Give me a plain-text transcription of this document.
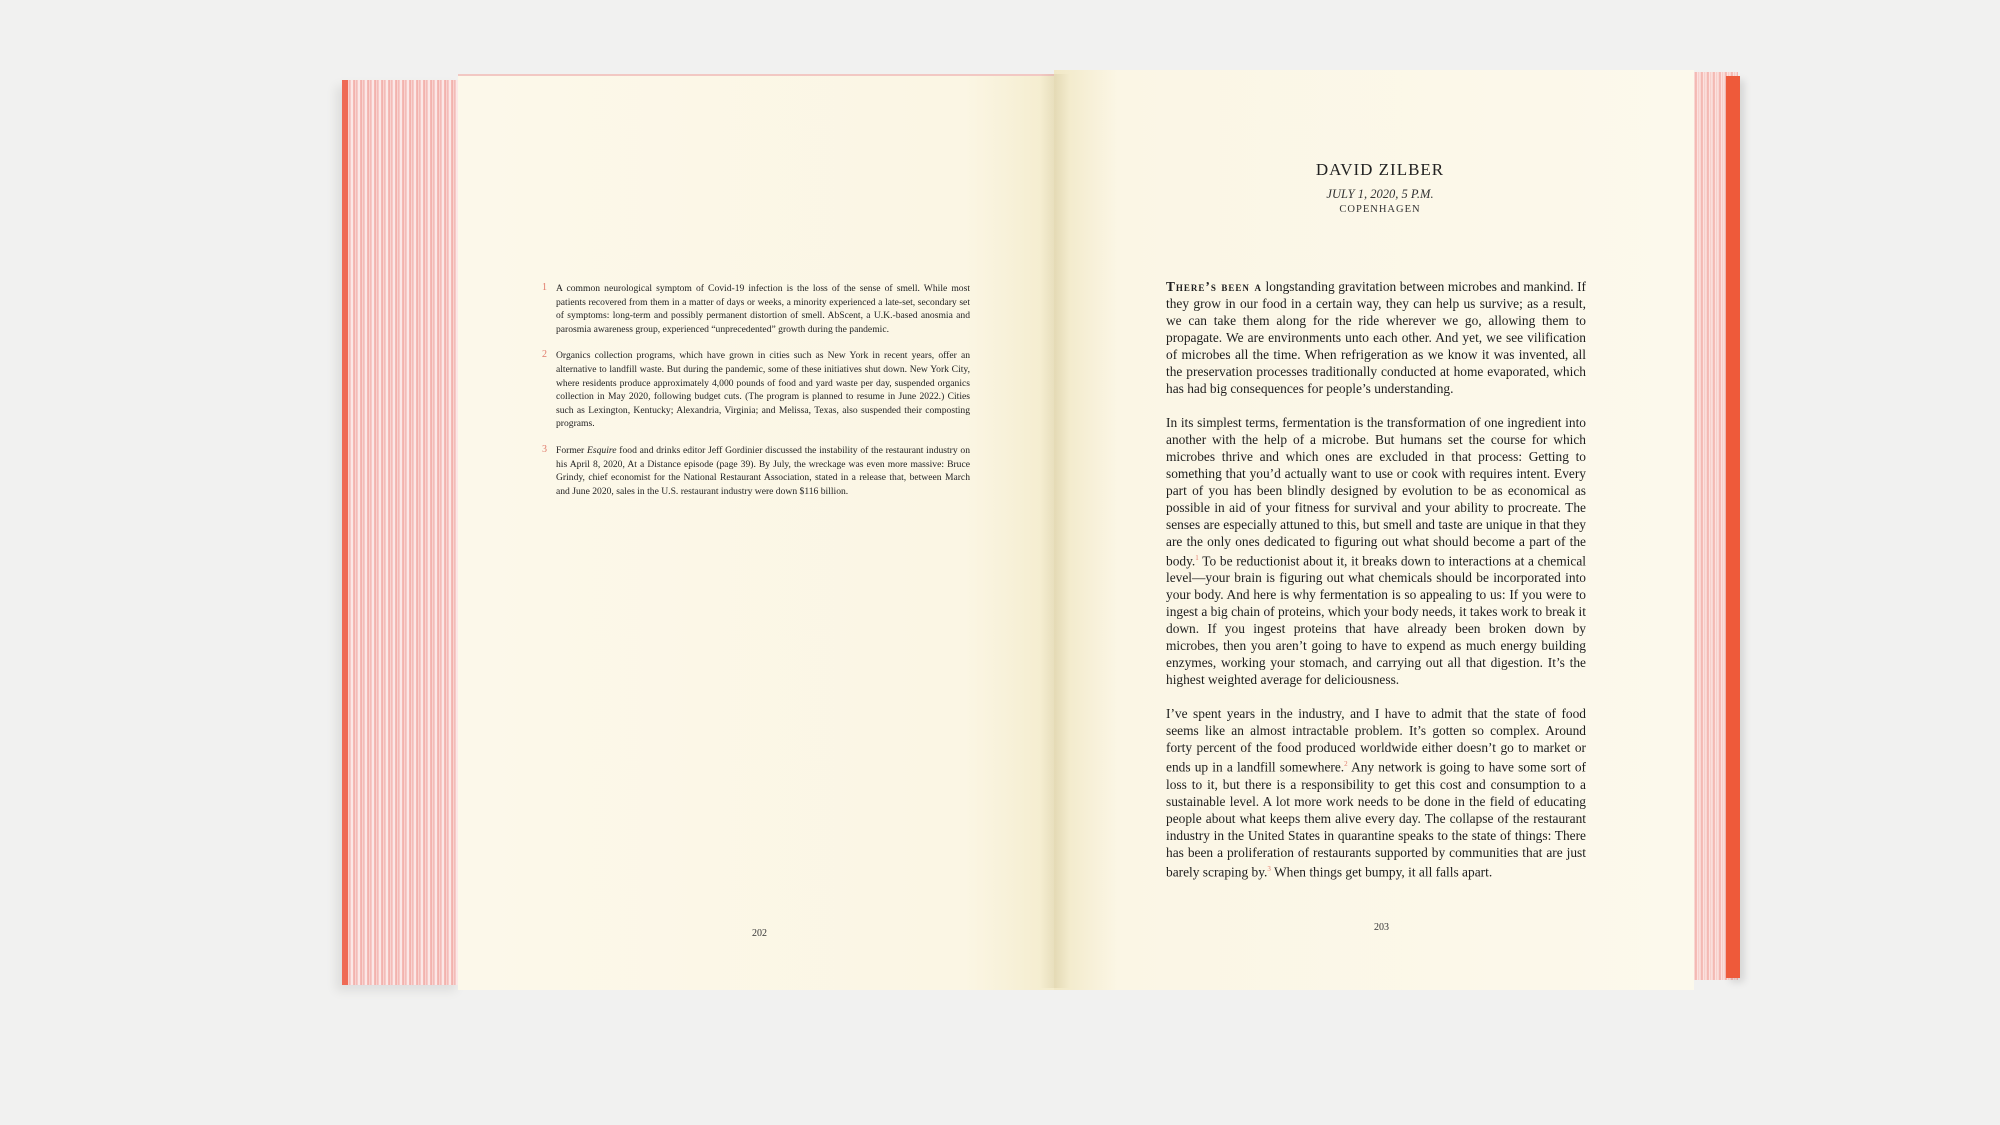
1 A common neurological symptom of Covid-19 infection is the loss of the sense of smell. While most patients recovered from them in a matter of days or weeks, a minority experienced a late-set, secondary set of symptoms: long-term and possibly permanent distortion of smell. AbScent, a U.K.-based anosmia and parosmia awareness group, experienced “unprecedented” growth during the pandemic.

2 Organics collection programs, which have grown in cities such as New York in recent years, offer an alternative to landfill waste. But during the pandemic, some of these initiatives shut down. New York City, where residents produce approximately 4,000 pounds of food and yard waste per day, suspended organics collection in May 2020, following budget cuts. (The program is planned to resume in June 2022.) Cities such as Lexington, Kentucky; Alexandria, Virginia; and Melissa, Texas, also suspended their composting programs.

3 Former Esquire food and drinks editor Jeff Gordinier discussed the instability of the restaurant industry on his April 8, 2020, At a Distance episode (page 39). By July, the wreckage was even more massive: Bruce Grindy, chief economist for the National Restaurant Association, stated in a release that, between March and June 2020, sales in the U.S. restaurant industry were down $116 billion.

202
DAVID ZILBER
JULY 1, 2020, 5 P.M.
COPENHAGEN

There’s been a longstanding gravitation between microbes and mankind. If they grow in our food in a certain way, they can help us survive; as a result, we can take them along for the ride wherever we go, allowing them to propagate. We are environments unto each other. And yet, we see vilification of microbes all the time. When refrigeration as we know it was invented, all the preservation processes traditionally conducted at home evaporated, which has had big consequences for people’s understanding.

In its simplest terms, fermentation is the transformation of one ingredient into another with the help of a microbe. But humans set the course for which microbes thrive and which ones are excluded in that process: Getting to something that you’d actually want to use or cook with requires intent. Every part of you has been blindly designed by evolution to be as economical as possible in aid of your fitness for survival and your ability to procreate. The senses are especially attuned to this, but smell and taste are unique in that they are the only ones dedicated to figuring out what should become a part of the body.$^1$ To be reductionist about it, it breaks down to interactions at a chemical level—your brain is figuring out what chemicals should be incorporated into your body. And here is why fermentation is so appealing to us: If you were to ingest a big chain of proteins, which your body needs, it takes work to break it down. If you ingest proteins that have already been broken down by microbes, then you aren’t going to have to expend as much energy building enzymes, working your stomach, and carrying out all that digestion. It’s the highest weighted average for deliciousness.

I’ve spent years in the industry, and I have to admit that the state of food seems like an almost intractable problem. It’s gotten so complex. Around forty percent of the food produced worldwide either doesn’t go to market or ends up in a landfill somewhere.$^2$ Any network is going to have some sort of loss to it, but there is a responsibility to get this cost and consumption to a sustainable level. A lot more work needs to be done in the field of educating people about what keeps them alive every day. The collapse of the restaurant industry in the United States in quarantine speaks to the state of things: There has been a proliferation of restaurants supported by communities that are just barely scraping by.$^3$ When things get bumpy, it all falls apart.

203
